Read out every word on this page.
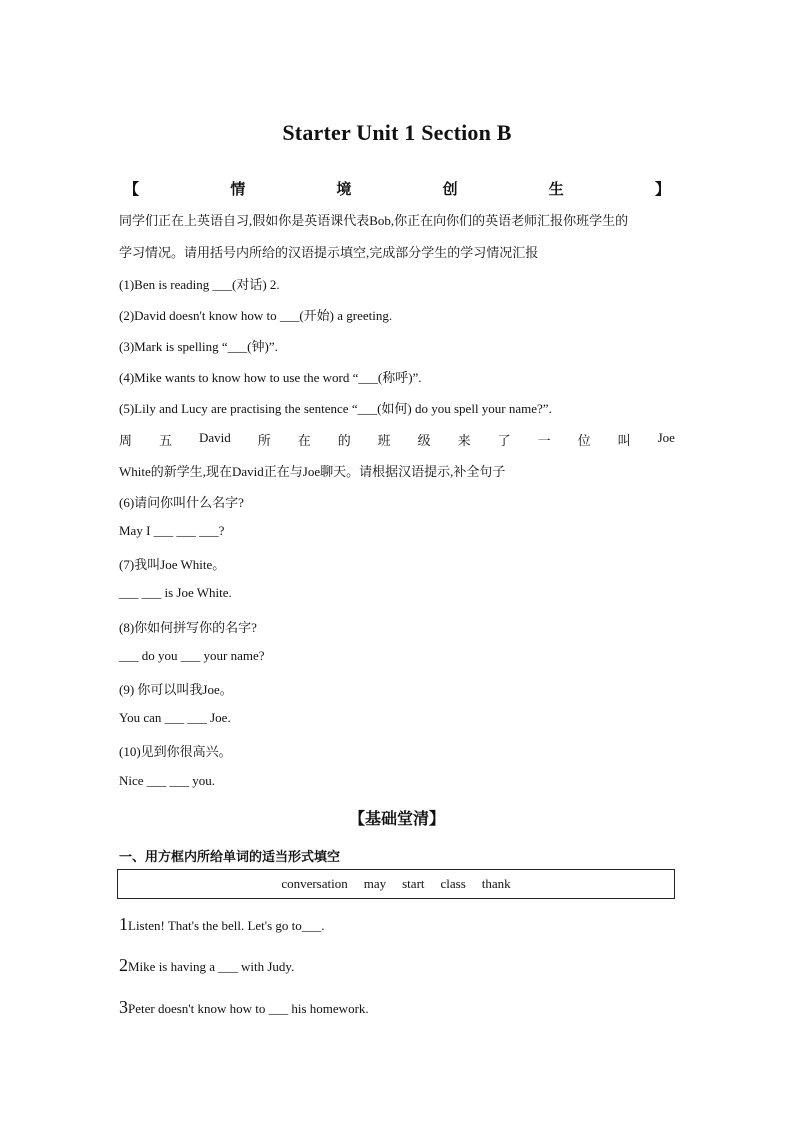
Starter Unit 1 Section B
【	情	境	创	生	】
同学们正在上英语自习,假如你是英语课代表Bob,你正在向你们的英语老师汇报你班学生的
学习情况。请用括号内所给的汉语提示填空,完成部分学生的学习情况汇报
(1)Ben is reading ___(对话) 2.
(2)David doesn't know how to ___(开始) a greeting.
(3)Mark is spelling “___(钟)”.
(4)Mike wants to know how to use the word “___(称呼)”.
(5)Lily and Lucy are practising the sentence “___(如何) do you spell your name?”.
周 五 David 所 在 的 班 级 来 了 一 位 叫 Joe
White的新学生,现在David正在与Joe聊天。请根据汉语提示,补全句子
(6)请问你叫什么名字?
May I ___ ___ ___?
(7)我叫Joe White。
___ ___ is Joe White.
(8)你如何拼写你的名字?
___ do you ___ your name?
(9) 你可以叫我Joe。
You can ___ ___ Joe.
(10)见到你很高兴。
Nice ___ ___ you.
【基础堂清】
一、用方框内所给单词的适当形式填空
conversation may start class thank
1Listen! That's the bell. Let's go to___.
2Mike is having a ___ with Judy.
3Peter doesn't know how to ___ his homework.
